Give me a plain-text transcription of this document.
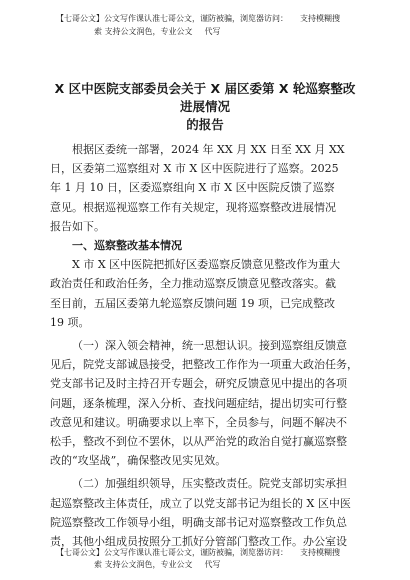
【七哥公文】公文写作课认准七哥公文，谨防被骗，浏览器访问： 支持模糊搜
索 支持公文润色，专业公文 代写
X 区中医院支部委员会关于 X 届区委第 X 轮巡察整改进展情况
的报告

根据区委统一部署，2024 年 XX 月 XX 日至 XX 月 XX

日，区委第二巡察组对 X 市 X 区中医院进行了巡察。2025

年 1 月 10 日，区委巡察组向 X 市 X 区中医院反馈了巡察

意见。根据巡视巡察工作有关规定，现将巡察整改进展情况

报告如下。

一、巡察整改基本情况

X 市 X 区中医院把抓好区委巡察反馈意见整改作为重大

政治责任和政治任务，全力推动巡察反馈意见整改落实。截

至目前，五届区委第九轮巡察反馈问题 19 项，已完成整改

19 项。

（一）深入领会精神，统一思想认识。接到巡察组反馈意

见后，院党支部诚恳接受，把整改工作作为一项重大政治任务，

党支部书记及时主持召开专题会，研究反馈意见中提出的各项

问题，逐条梳理，深入分析、查找问题症结，提出切实可行整

改意见和建议。明确要求以上率下，全员参与，问题不解决不

松手，整改不到位不罢休，以从严治党的政治自觉打赢巡察整

改的“攻坚战”，确保整改见实见效。

（二）加强组织领导，压实整改责任。院党支部切实承担

起巡察整改主体责任，成立了以党支部书记为组长的 X 区中医

院巡察整改工作领导小组，明确支部书记对巡察整改工作负总

责，其他小组成员按照分工抓好分管部门整改工作。办公室设

【七哥公文】公文写作课认准七哥公文，谨防被骗，浏览器访问： 支持模糊搜
索 支持公文润色，专业公文 代写
